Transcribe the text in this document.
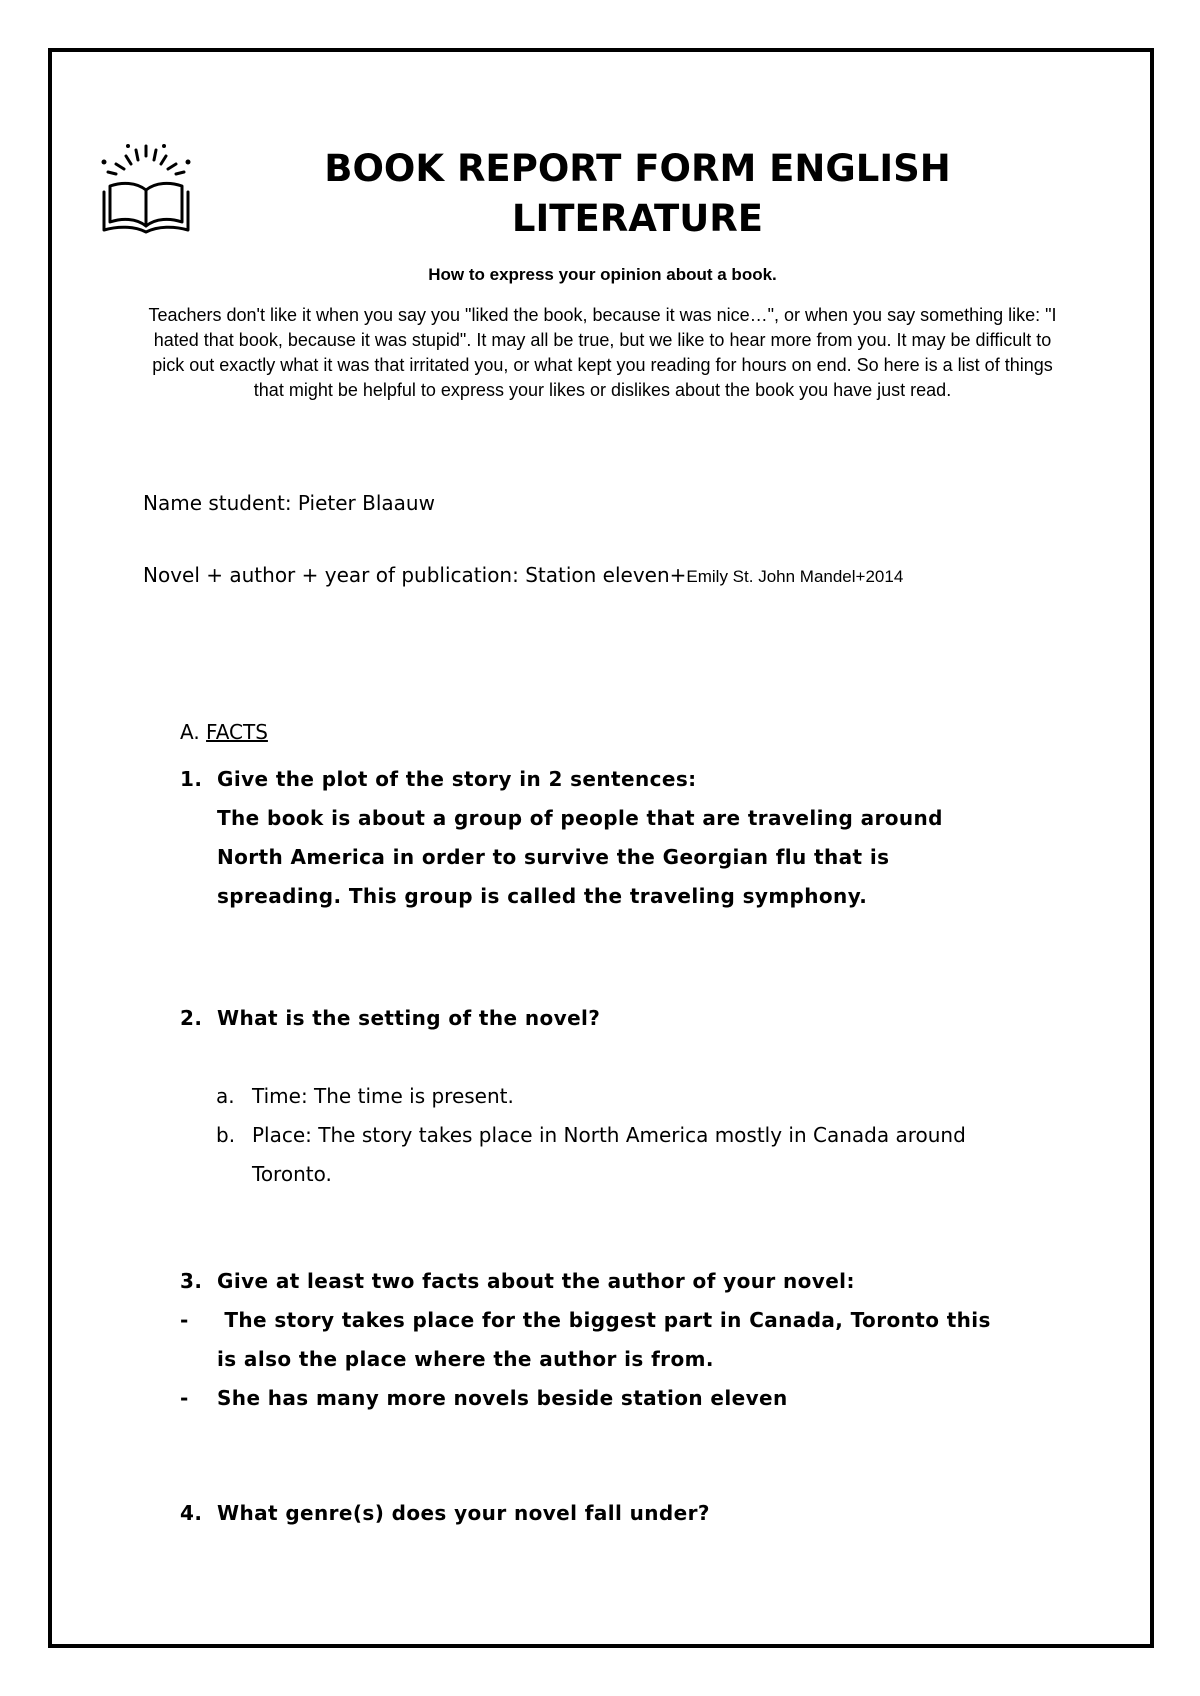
BOOK REPORT FORM ENGLISH
LITERATURE

How to express your opinion about a book.

Teachers don't like it when you say you "liked the book, because it was nice…", or when you say something like: "I hated that book, because it was stupid". It may all be true, but we like to hear more from you. It may be difficult to pick out exactly what it was that irritated you, or what kept you reading for hours on end. So here is a list of things that might be helpful to express your likes or dislikes about the book you have just read.

Name student: Pieter Blaauw

Novel + author + year of publication: Station eleven+Emily St. John Mandel+2014

A. FACTS
1. Give the plot of the story in 2 sentences:
The book is about a group of people that are traveling around
North America in order to survive the Georgian flu that is
spreading. This group is called the traveling symphony.
2. What is the setting of the novel?
a. Time: The time is present.
b. Place: The story takes place in North America mostly in Canada around
Toronto.
3. Give at least two facts about the author of your novel:
- The story takes place for the biggest part in Canada, Toronto this
is also the place where the author is from.
- She has many more novels beside station eleven
4. What genre(s) does your novel fall under?
